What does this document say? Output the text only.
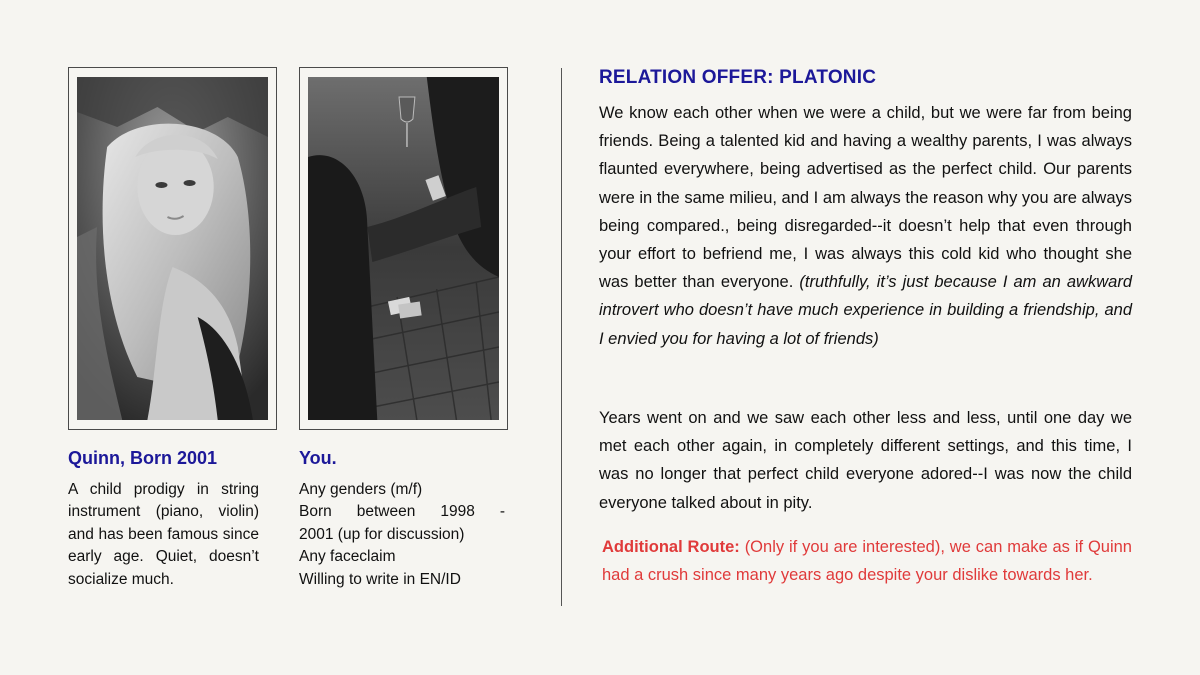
Quinn, Born 2001

A child prodigy in string instrument (piano, violin) and has been famous since early age. Quiet, doesn’t socialize much.

You.
Any genders (m/f)
Born between 1998 -
2001 (up for discussion)
Any faceclaim
Willing to write in EN/ID
RELATION OFFER: PLATONIC

We know each other when we were a child, but we were far from being friends. Being a talented kid and having a wealthy parents, I was always flaunted everywhere, being advertised as the perfect child. Our parents were in the same milieu, and I am always the reason why you are always being compared., being disregarded--it doesn’t help that even through your effort to befriend me, I was always this cold kid who thought she was better than everyone. (truthfully, it’s just because I am an awkward introvert who doesn’t have much experience in building a friendship, and I envied you for having a lot of friends)

Years went on and we saw each other less and less, until one day we met each other again, in completely different settings, and this time, I was no longer that perfect child everyone adored--I was now the child everyone talked about in pity.

Additional Route: (Only if you are interested), we can make as if Quinn had a crush since many years ago despite your dislike towards her.
